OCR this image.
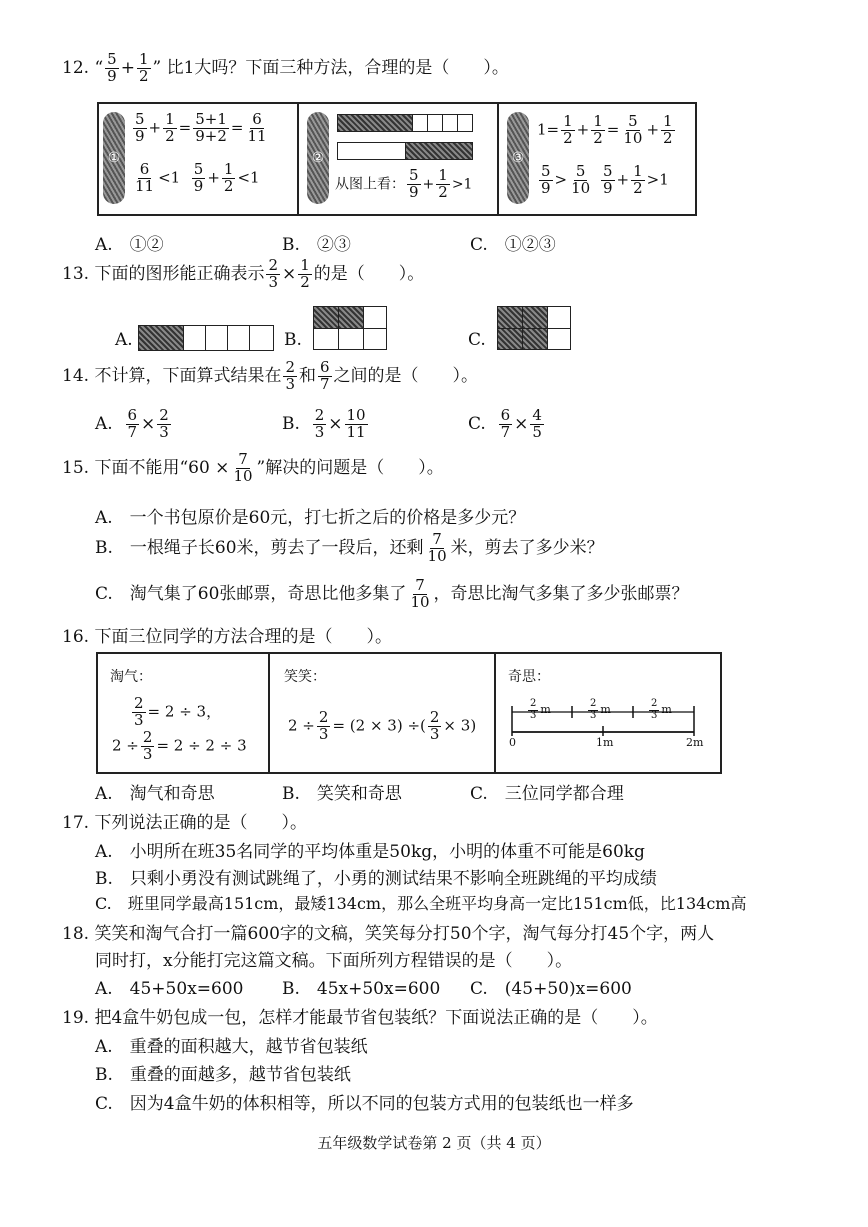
12. “ $\frac{5}{9} + \frac{1}{2}$ ” 比1大吗？下面三种方法，合理的是（　　）。
①
$\frac{5}{9} + \frac{1}{2} = \frac{5+1}{9+2} = \frac{6}{11}$
$\frac{6}{11} <1 \frac{5}{9} + \frac{1}{2} <1$
②
从图上看： $\frac{5}{9} + \frac{1}{2} >1$
③
$1= \frac{1}{2} + \frac{1}{2} = \frac{5}{10} + \frac{1}{2}$
$\frac{5}{9} > \frac{5}{10}$
$\frac{5}{9} + \frac{1}{2} >1$
A.　①②	B.　②③	C.　①②③
13. 下面的图形能正确表示 $\frac{2}{3} \times \frac{1}{2}$ 的是（　　）。
A.	B.	C.
14. 不计算，下面算式结果在 $\frac{2}{3}$ 和 $\frac{6}{7}$ 之间的是（　　）。
A. $\frac{6}{7} \times \frac{2}{3}$	B. $\frac{2}{3} \times \frac{10}{11}$	C. $\frac{6}{7} \times \frac{4}{5}$
15. 下面不能用“$60 \times \frac{7}{10}$ ”解决的问题是（　　）。
A.　一个书包原价是60元，打七折之后的价格是多少元？
B.　一根绳子长60米，剪去了一段后，还剩 $\frac{7}{10}$ 米，剪去了多少米？
C.　淘气集了60张邮票，奇思比他多集了 $\frac{7}{10}$ ，奇思比淘气多集了多少张邮票？
16. 下面三位同学的方法合理的是（　　）。
淘气：
$\frac{2}{3} = 2 \div 3$，
$2 \div \frac{2}{3} = 2 \div 2 \div 3$
笑笑：
$2 \div \frac{2}{3} = (2 \times 3)$ ÷( $\frac{2}{3} \times 3$)
奇思：
$\frac{2}{3}$ m	$\frac{2}{3}$ m	$\frac{2}{3}$ m
0	1m	2m
A.　淘气和奇思	B.　笑笑和奇思	C.　三位同学都合理
17. 下列说法正确的是（　　）。
A.　小明所在班35名同学的平均体重是50kg，小明的体重不可能是60kg
B.　只剩小勇没有测试跳绳了，小勇的测试结果不影响全班跳绳的平均成绩
C.　班里同学最高151cm，最矮134cm，那么全班平均身高一定比151cm低，比134cm高
18. 笑笑和淘气合打一篇600字的文稿，笑笑每分打50个字，淘气每分打45个字，两人
同时打，x分能打完这篇文稿。下面所列方程错误的是（　　）。
A.　45+50x=600 B.　45x+50x=600 C.　(45+50)x=600
19. 把4盒牛奶包成一包，怎样才能最节省包装纸？下面说法正确的是（　　）。
A.　重叠的面积越大，越节省包装纸
B.　重叠的面越多，越节省包装纸
C.　因为4盒牛奶的体积相等，所以不同的包装方式用的包装纸也一样多
五年级数学试卷第 2 页（共 4 页）
